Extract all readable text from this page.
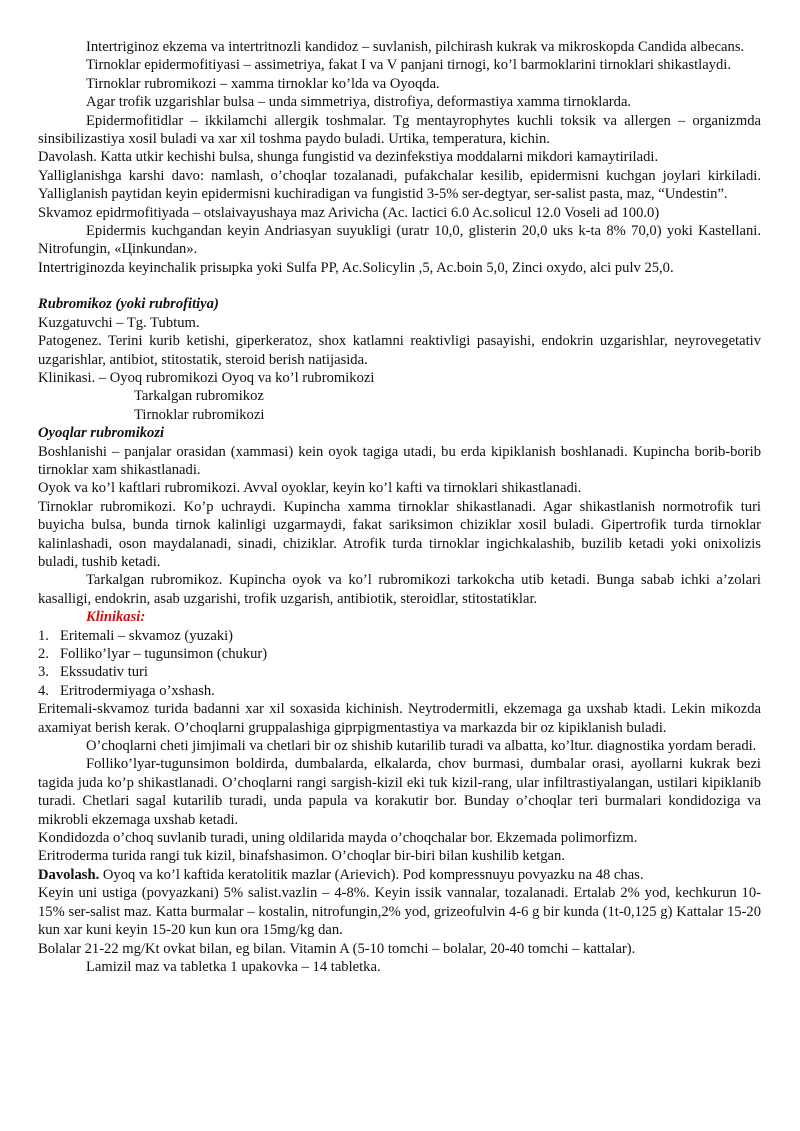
Intertriginoz ekzema va intertritnozli kandidoz – suvlanish, pilchirash kukrak va mikroskopda Candida albecans.

Tirnoklar epidermofitiyasi – assimetriya, fakat I va V panjani tirnogi, ko’l barmoklarini tirnoklari shikastlaydi.

Tirnoklar rubromikozi – xamma tirnoklar ko’lda va Oyoqda.

Agar trofik uzgarishlar bulsa – unda simmetriya, distrofiya, deformastiya xamma tirnoklarda.

Epidermofitidlar – ikkilamchi allergik toshmalar. Tg mentayrophytes kuchli toksik va allergen – organizmda sinsibilizastiya xosil buladi va xar xil toshma paydo buladi. Urtika, temperatura, kichin.

Davolash. Katta utkir kechishi bulsa, shunga fungistid va dezinfekstiya moddalarni mikdori kamaytiriladi.

Yalliglanishga karshi davo: namlash, o’choqlar tozalanadi, pufakchalar kesilib, epidermisni kuchgan joylari kirkiladi. Yalliglanish paytidan keyin epidermisni kuchiradigan va fungistid 3-5% ser-degtyar, ser-salist pasta, maz, “Undestin”.

Skvamoz epidrmofitiyada – otslaivayushaya maz Arivicha (Ac. lactici 6.0 Ac.solicul 12.0 Voseli ad 100.0)

Epidermis kuchgandan keyin Andriasyan suyukligi (uratr 10,0, glisterin 20,0 uks k-ta 8% 70,0) yoki Kastellani. Nitrofungin, «Цinkundan».

Intertriginozda keyinchalik prisыpka yoki Sulfa PP, Ac.Solicylin ,5, Ac.boin 5,0, Zinci oxydo, alci pulv 25,0.

Rubromikoz (yoki rubrofitiya)

Kuzgatuvchi – Tg. Tubtum.

Patogenez. Terini kurib ketishi, giperkeratoz, shox katlamni reaktivligi pasayishi, endokrin uzgarishlar, neyrovegetativ uzgarishlar, antibiot, stitostatik, steroid berish natijasida.

Klinikasi. – Oyoq rubromikozi Oyoq va ko’l rubromikozi

Tarkalgan rubromikoz

Tirnoklar rubromikozi

Oyoqlar rubromikozi

Boshlanishi – panjalar orasidan (xammasi) kein oyok tagiga utadi, bu erda kipiklanish boshlanadi. Kupincha borib-borib tirnoklar xam shikastlanadi.

Oyok va ko’l kaftlari rubromikozi. Avval oyoklar, keyin ko’l kafti va tirnoklari shikastlanadi.

Tirnoklar rubromikozi. Ko’p uchraydi. Kupincha xamma tirnoklar shikastlanadi. Agar shikastlanish normotrofik turi buyicha bulsa, bunda tirnok kalinligi uzgarmaydi, fakat sariksimon chiziklar xosil buladi. Gipertrofik turda tirnoklar kalinlashadi, oson maydalanadi, sinadi, chiziklar. Atrofik turda tirnoklar ingichkalashib, buzilib ketadi yoki onixolizis buladi, tushib ketadi.

Tarkalgan rubromikoz. Kupincha oyok va ko’l rubromikozi tarkokcha utib ketadi. Bunga sabab ichki a’zolari kasalligi, endokrin, asab uzgarishi, trofik uzgarish, antibiotik, steroidlar, stitostatiklar.

Klinikasi:

1. Eritemali – skvamoz (yuzaki)
2. Folliko’lyar – tugunsimon (chukur)
3. Ekssudativ turi
4. Eritrodermiyaga o’xshash.

Eritemali-skvamoz turida badanni xar xil soxasida kichinish. Neytrodermitli, ekzemaga ga uxshab ktadi. Lekin mikozda axamiyat berish kerak. O’choqlarni gruppalashiga giprpigmentastiya va markazda bir oz kipiklanish buladi.

O’choqlarni cheti jimjimali va chetlari bir oz shishib kutarilib turadi va albatta, ko’ltur. diagnostika yordam beradi.

Folliko’lyar-tugunsimon boldirda, dumbalarda, elkalarda, chov burmasi, dumbalar orasi, ayollarni kukrak bezi tagida juda ko’p shikastlanadi. O’choqlarni rangi sargish-kizil eki tuk kizil-rang, ular infiltrastiyalangan, ustilari kipiklanib turadi. Chetlari sagal kutarilib turadi, unda papula va korakutir bor. Bunday o’choqlar teri burmalari kondidoziga va mikrobli ekzemaga uxshab ketadi.

Kondidozda o’choq suvlanib turadi, uning oldilarida mayda o’choqchalar bor. Ekzemada polimorfizm.

Eritroderma turida rangi tuk kizil, binafshasimon. O’choqlar bir-biri bilan kushilib ketgan.

Davolash. Oyoq va ko’l kaftida keratolitik mazlar (Arievich). Pod kompressnuyu povyazku na 48 chas.

Keyin uni ustiga (povyazkani) 5% salist.vazlin – 4-8%. Keyin issik vannalar, tozalanadi. Ertalab 2% yod, kechkurun 10-15% ser-salist maz. Katta burmalar – kostalin, nitrofungin,2% yod, grizeofulvin 4-6 g bir kunda (1t-0,125 g) Kattalar 15-20 kun xar kuni keyin 15-20 kun kun ora 15mg/kg dan.

Bolalar 21-22 mg/Kt ovkat bilan, eg bilan. Vitamin A (5-10 tomchi – bolalar, 20-40 tomchi – kattalar).

Lamizil maz va tabletka 1 upakovka – 14 tabletka.
